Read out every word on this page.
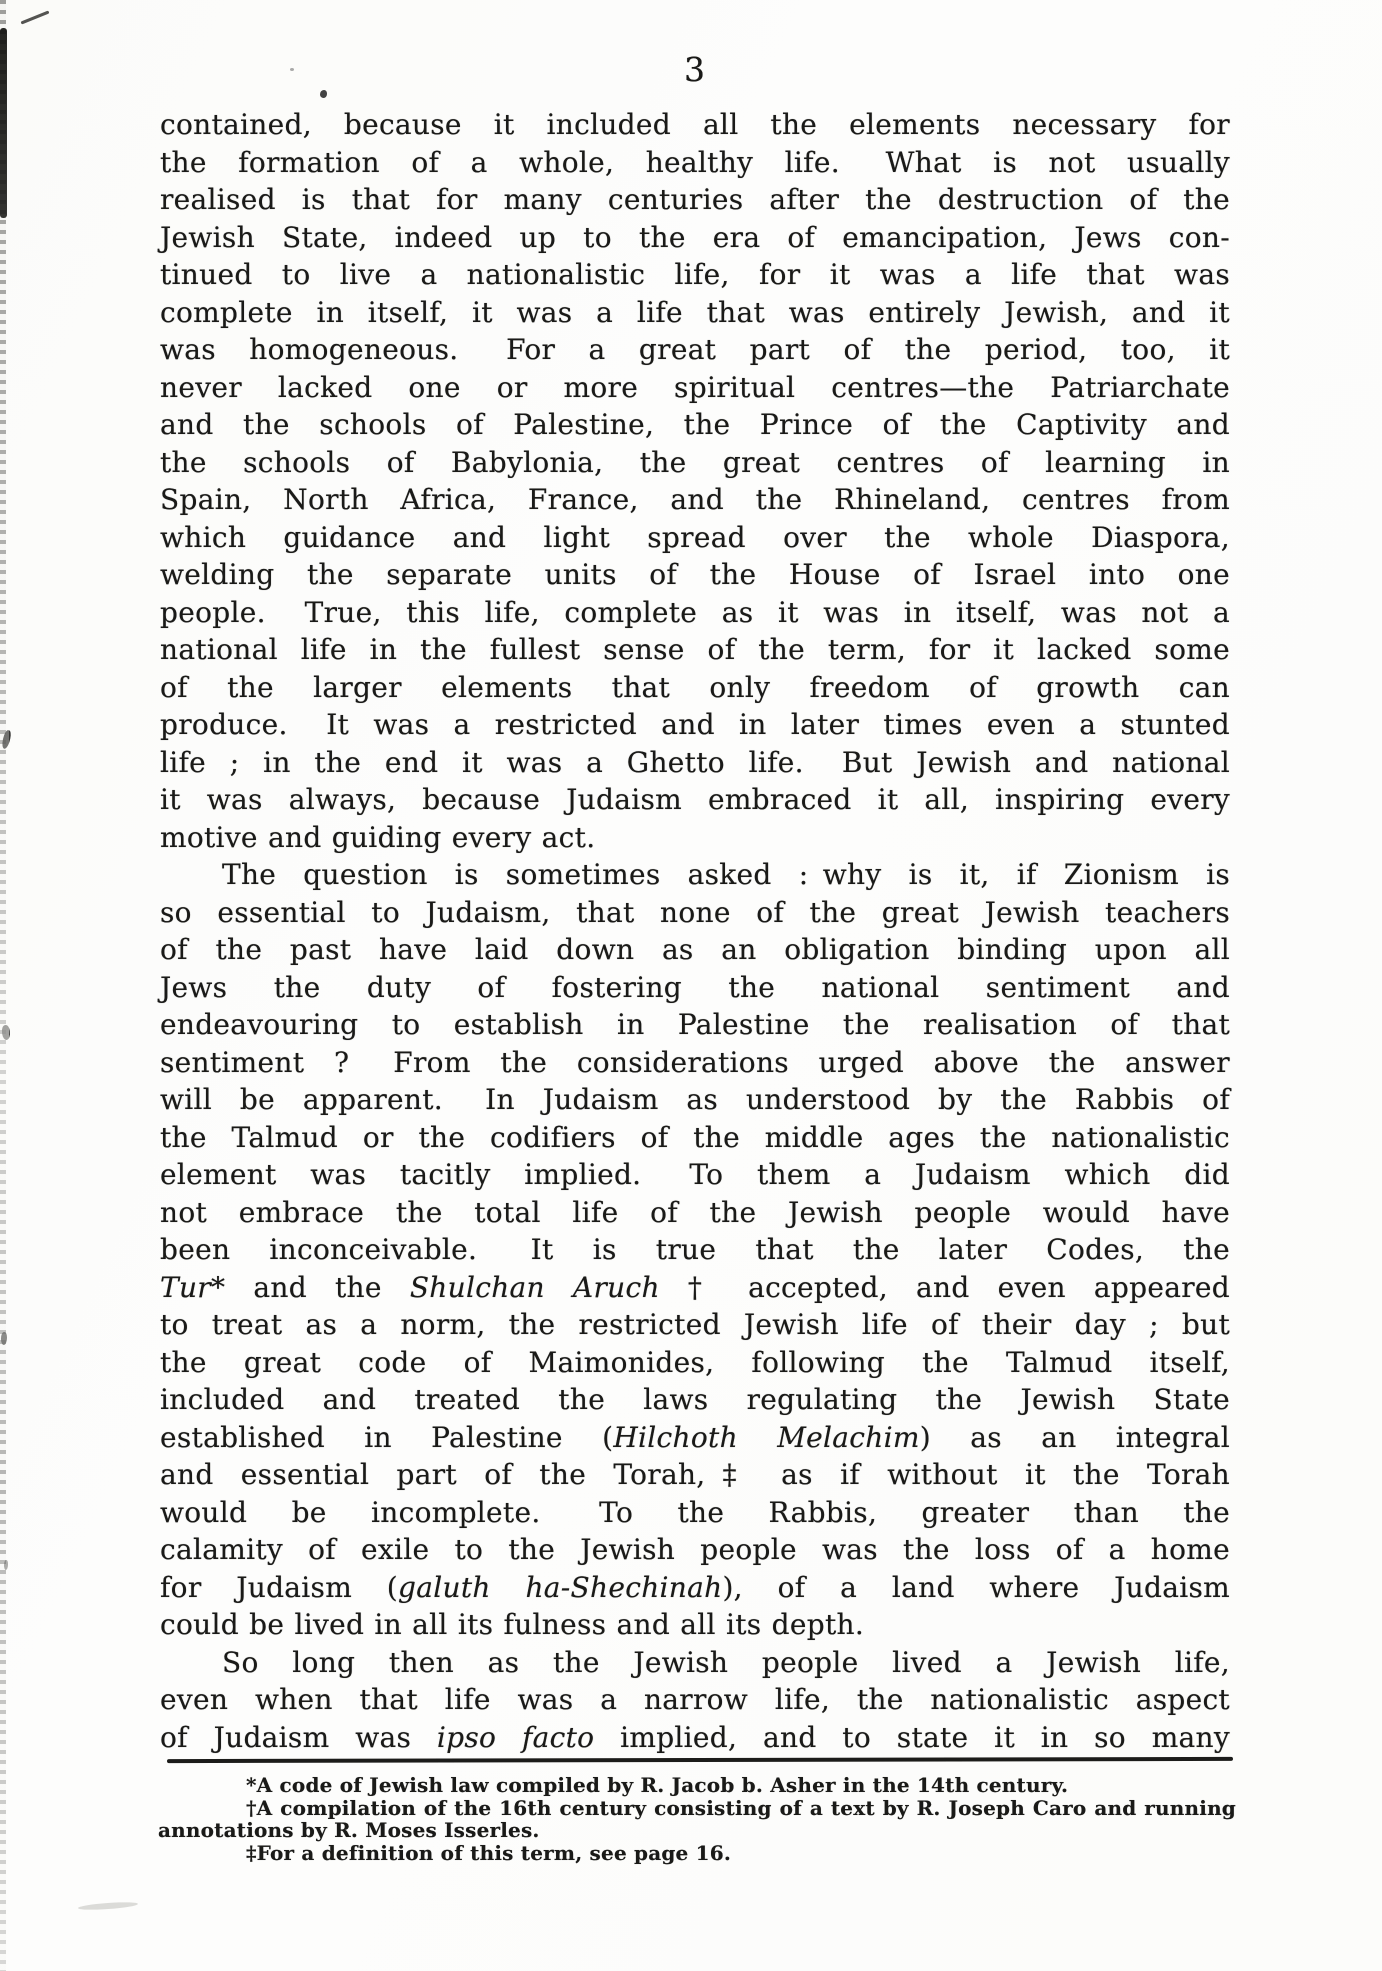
3
contained, because it included all the elements necessary for
the formation of a whole, healthy life.  What is not usually
realised is that for many centuries after the destruction of the
Jewish State, indeed up to the era of emancipation, Jews con-
tinued to live a nationalistic life, for it was a life that was
complete in itself, it was a life that was entirely Jewish, and it
was homogeneous.  For a great part of the period, too, it
never lacked one or more spiritual centres—the Patriarchate
and the schools of Palestine, the Prince of the Captivity and
the schools of Babylonia, the great centres of learning in
Spain, North Africa, France, and the Rhineland, centres from
which guidance and light spread over the whole Diaspora,
welding the separate units of the House of Israel into one
people.  True, this life, complete as it was in itself, was not a
national life in the fullest sense of the term, for it lacked some
of the larger elements that only freedom of growth can
produce.  It was a restricted and in later times even a stunted
life ; in the end it was a Ghetto life.  But Jewish and national
it was always, because Judaism embraced it all, inspiring every
motive and guiding every act.
The question is sometimes asked : why is it, if Zionism is
so essential to Judaism, that none of the great Jewish teachers
of the past have laid down as an obligation binding upon all
Jews the duty of fostering the national sentiment and
endeavouring to establish in Palestine the realisation of that
sentiment ?  From the considerations urged above the answer
will be apparent.  In Judaism as understood by the Rabbis of
the Talmud or the codifiers of the middle ages the nationalistic
element was tacitly implied.  To them a Judaism which did
not embrace the total life of the Jewish people would have
been inconceivable.  It is true that the later Codes, the
Tur* and the Shulchan Aruch † accepted, and even appeared
to treat as a norm, the restricted Jewish life of their day ; but
the great code of Maimonides, following the Talmud itself,
included and treated the laws regulating the Jewish State
established in Palestine (Hilchoth Melachim) as an integral
and essential part of the Torah,‡ as if without it the Torah
would be incomplete.  To the Rabbis, greater than the
calamity of exile to the Jewish people was the loss of a home
for Judaism (galuth ha-Shechinah), of a land where Judaism
could be lived in all its fulness and all its depth.
So long then as the Jewish people lived a Jewish life,
even when that life was a narrow life, the nationalistic aspect
of Judaism was ipso facto implied, and to state it in so many
*A code of Jewish law compiled by R. Jacob b. Asher in the 14th century.
†A compilation of the 16th century consisting of a text by R. Joseph Caro and running
annotations by R. Moses Isserles.
‡For a definition of this term, see page 16.
